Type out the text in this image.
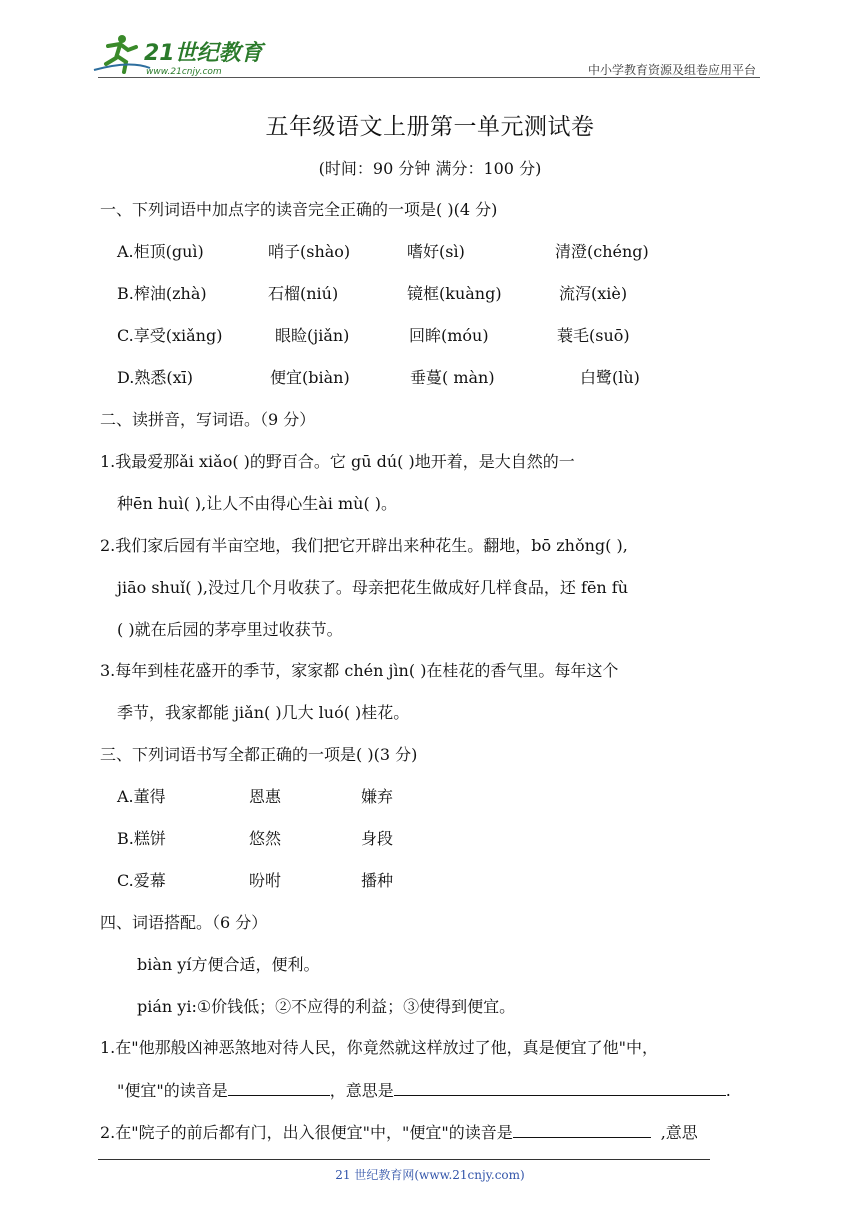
21世纪教育
www.21cnjy.com	中小学教育资源及组卷应用平台
五年级语文上册第一单元测试卷
(时间：90 分钟 满分：100 分)
一、下列词语中加点字的读音完全正确的一项是( )(4 分)
A.柜顶(guì)	哨子(shào)	嗜好(sì)	清澄(chéng)
B.榨油(zhà)	石榴(niú)	镜框(kuàng)	流泻(xiè)
C.享受(xiǎng)	眼睑(jiǎn)	回眸(móu)	蓑毛(suō)
D.熟悉(xī)	便宜(biàn)	垂蔓( màn)	白鹭(lù)
二、读拼音，写词语。（9 分）
1.我最爱那ǎi xiǎo( )的野百合。它 gū dú( )地开着，是大自然的一
种ēn huì( ),让人不由得心生ài mù( )。
2.我们家后园有半亩空地，我们把它开辟出来种花生。翻地，bō zhǒng( ),
jiāo shuǐ( ),没过几个月收获了。母亲把花生做成好几样食品，还 fēn fù
( )就在后园的茅亭里过收获节。
3.每年到桂花盛开的季节，家家都 chén jìn( )在桂花的香气里。每年这个
季节，我家都能 jiǎn( )几大 luó( )桂花。
三、下列词语书写全都正确的一项是( )(3 分)
A.董得	恩惠	嫌弃
B.糕饼	悠然	身段
C.爱幕	吩咐	播种
四、词语搭配。（6 分）
biàn yí方便合适，便利。
pián yi:①价钱低；②不应得的利益；③使得到便宜。
1.在"他那般凶神恶煞地对待人民，你竟然就这样放过了他，真是便宜了他"中，
"便宜"的读音是	，意思是	.
2.在"院子的前后都有门，出入很便宜"中，"便宜"的读音是	,意思
21 世纪教育网(www.21cnjy.com)
